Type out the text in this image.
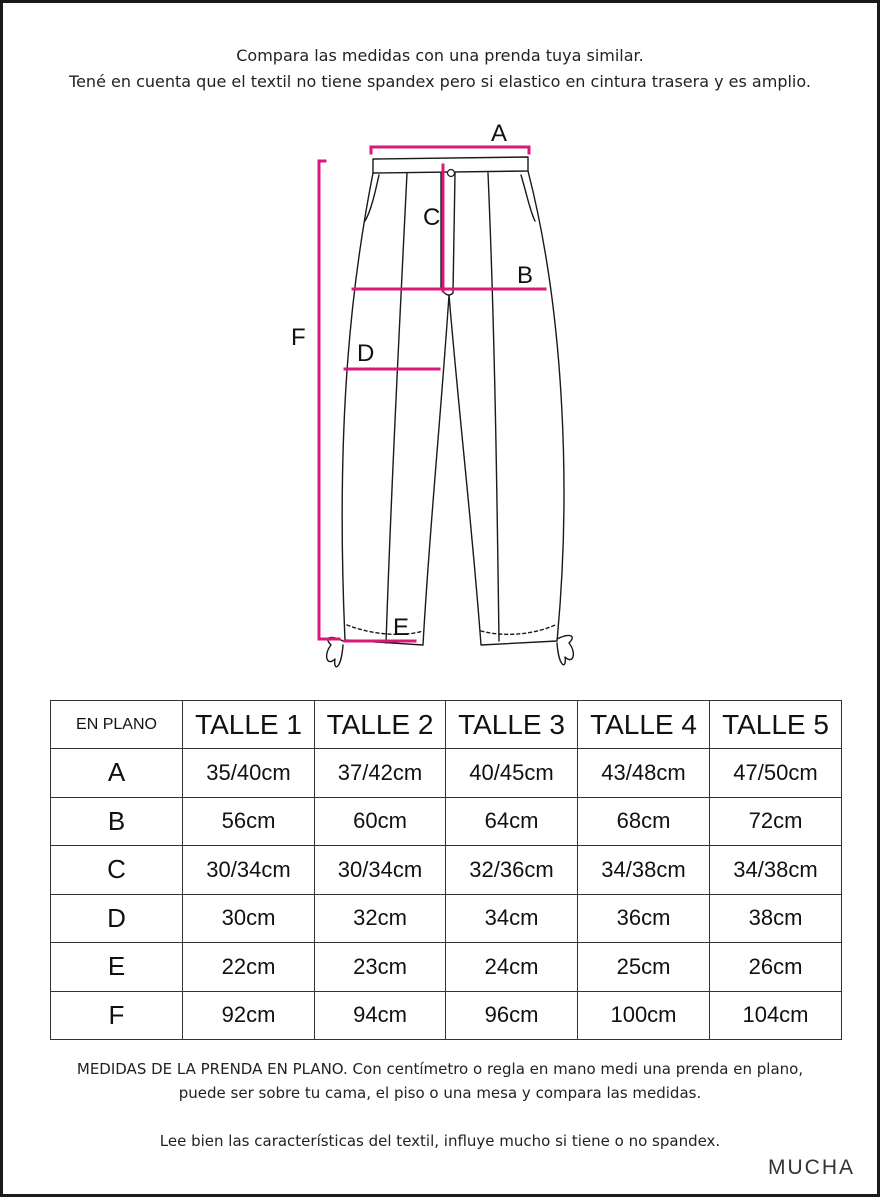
Compara las medidas con una prenda tuya similar.
Tené en cuenta que el textil no tiene spandex pero si elastico en cintura trasera y es amplio.
A
B
C
D
E
F
EN PLANO	TALLE 1	TALLE 2	TALLE 3	TALLE 4	TALLE 5
A	35/40cm	37/42cm	40/45cm	43/48cm	47/50cm
B	56cm	60cm	64cm	68cm	72cm
C	30/34cm	30/34cm	32/36cm	34/38cm	34/38cm
D	30cm	32cm	34cm	36cm	38cm
E	22cm	23cm	24cm	25cm	26cm
F	92cm	94cm	96cm	100cm	104cm
MEDIDAS DE LA PRENDA EN PLANO. Con centímetro o regla en mano medi una prenda en plano,
puede ser sobre tu cama, el piso o una mesa y compara las medidas.
Lee bien las características del textil, influye mucho si tiene o no spandex.
MUCHA
